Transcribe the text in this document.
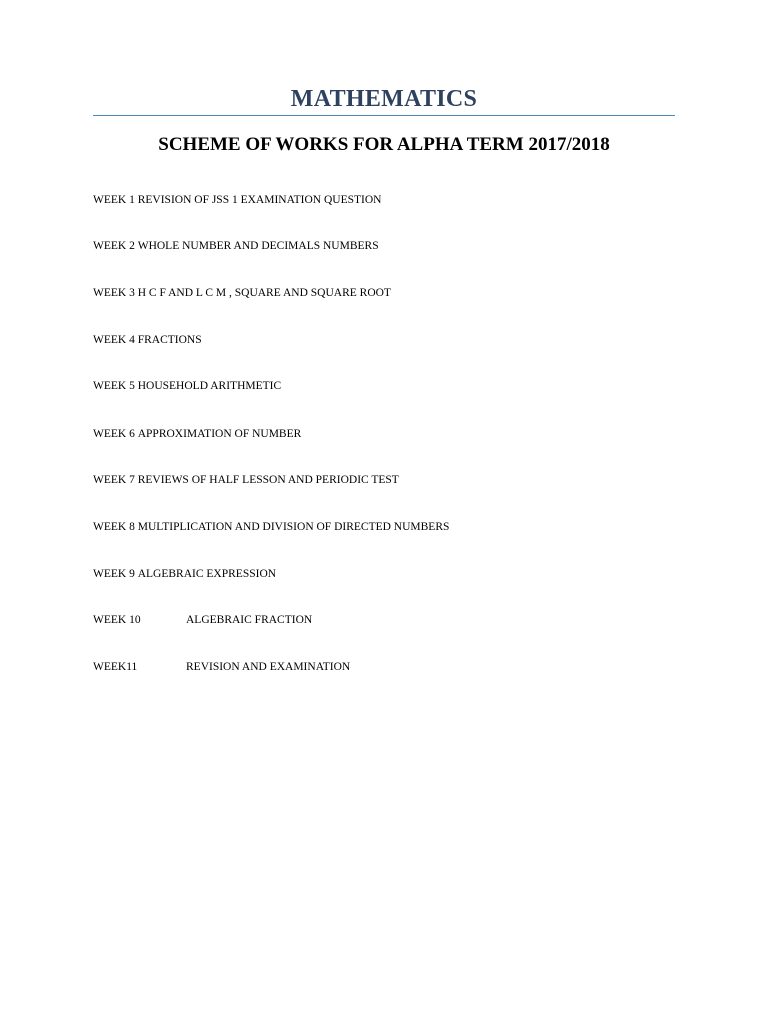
MATHEMATICS
SCHEME OF WORKS FOR ALPHA TERM 2017/2018
WEEK 1 REVISION OF JSS 1 EXAMINATION QUESTION
WEEK 2 WHOLE NUMBER AND DECIMALS NUMBERS
WEEK 3 H C F AND L C M , SQUARE AND SQUARE ROOT
WEEK 4 FRACTIONS
WEEK 5 HOUSEHOLD ARITHMETIC
WEEK 6 APPROXIMATION OF NUMBER
WEEK 7 REVIEWS OF HALF LESSON AND PERIODIC TEST
WEEK 8 MULTIPLICATION AND DIVISION OF DIRECTED NUMBERS
WEEK 9 ALGEBRAIC EXPRESSION
WEEK 10	ALGEBRAIC FRACTION
WEEK11	REVISION AND EXAMINATION
